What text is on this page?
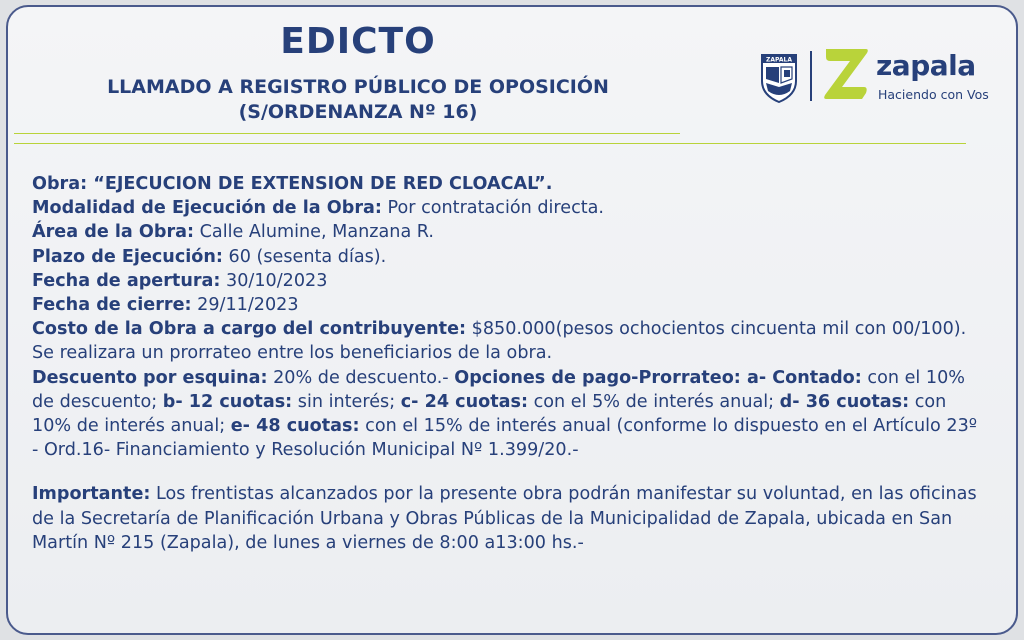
EDICTO
LLAMADO A REGISTRO PÚBLICO DE OPOSICIÓN
(S/ORDENANZA Nº 16)
ZAPALA	zapala
Haciendo con Vos

Obra: “EJECUCION DE EXTENSION DE RED CLOACAL”.

Modalidad de Ejecución de la Obra: Por contratación directa.

Área de la Obra: Calle Alumine, Manzana R.

Plazo de Ejecución: 60 (sesenta días).

Fecha de apertura: 30/10/2023

Fecha de cierre: 29/11/2023

Costo de la Obra a cargo del contribuyente: $850.000(pesos ochocientos cincuenta mil con 00/100). Se realizara un prorrateo entre los beneficiarios de la obra.

Descuento por esquina: 20% de descuento.- Opciones de pago-Prorrateo: a- Contado: con el 10% de descuento; b- 12 cuotas: sin interés; c- 24 cuotas: con el 5% de interés anual; d- 36 cuotas: con 10% de interés anual; e- 48 cuotas: con el 15% de interés anual (conforme lo dispuesto en el Artículo 23º - Ord.16- Financiamiento y Resolución Municipal Nº 1.399/20.-

Importante: Los frentistas alcanzados por la presente obra podrán manifestar su voluntad, en las oficinas de la Secretaría de Planificación Urbana y Obras Públicas de la Municipalidad de Zapala, ubicada en San Martín Nº 215 (Zapala), de lunes a viernes de 8:00 a13:00 hs.-
